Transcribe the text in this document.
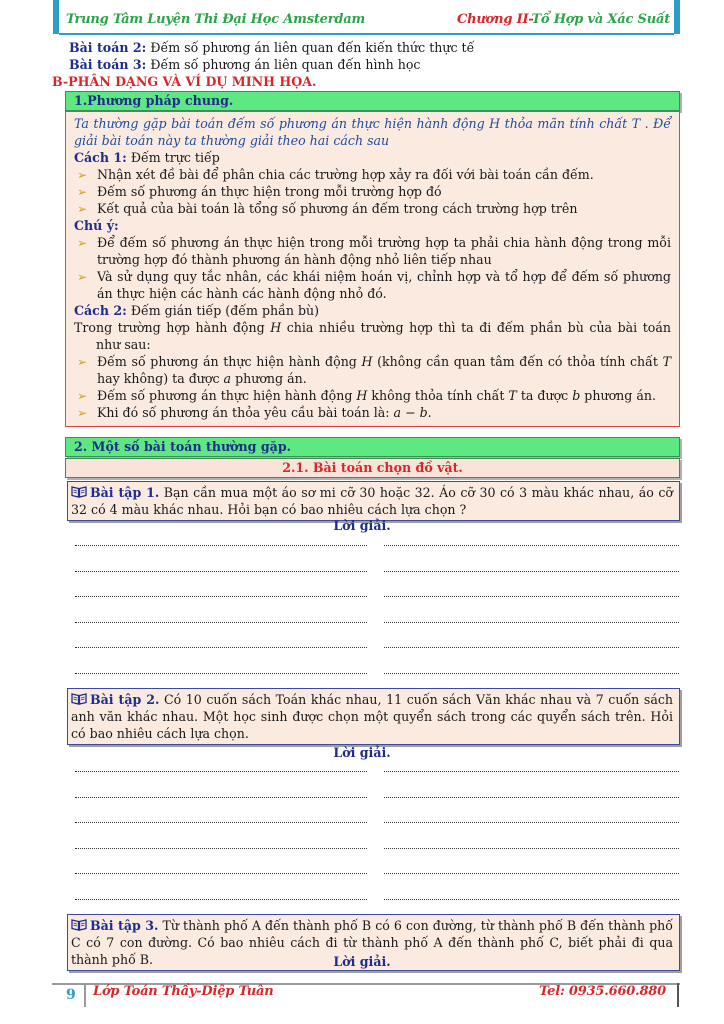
Trung Tâm Luyện Thi Đại Học Amsterdam	Chương II-Tổ Hợp và Xác Suất
Bài toán 2: Đếm số phương án liên quan đến kiến thức thực tế
Bài toán 3: Đếm số phương án liên quan đến hình học
B-PHÂN DẠNG VÀ VÍ DỤ MINH HỌA.
1.Phương pháp chung.

Ta thường gặp bài toán đếm số phương án thực hiện hành động H thỏa mãn tính chất T . Để giải bài toán này ta thường giải theo hai cách sau

Cách 1: Đếm trực tiếp

➢ Nhận xét đề bài để phân chia các trường hợp xảy ra đối với bài toán cần đếm.
➢ Đếm số phương án thực hiện trong mỗi trường hợp đó
➢ Kết quả của bài toán là tổng số phương án đếm trong cách trường hợp trên

Chú ý:

➢ Để đếm số phương án thực hiện trong mỗi trường hợp ta phải chia hành động trong mỗi trường hợp đó thành phương án hành động nhỏ liên tiếp nhau
➢ Và sử dụng quy tắc nhân, các khái niệm hoán vị, chỉnh hợp và tổ hợp để đếm số phương án thực hiện các hành các hành động nhỏ đó.

Cách 2: Đếm gián tiếp (đếm phần bù)

Trong trường hợp hành động H chia nhiều trường hợp thì ta đi đếm phần bù của bài toán như sau:

➢ Đếm số phương án thực hiện hành động H (không cần quan tâm đến có thỏa tính chất T hay không) ta được a phương án.
➢ Đếm số phương án thực hiện hành động H không thỏa tính chất T ta được b phương án.
➢ Khi đó số phương án thỏa yêu cầu bài toán là: a − b.
2. Một số bài toán thường gặp.
2.1. Bài toán chọn đồ vật.
Bài tập 1. Bạn cần mua một áo sơ mi cỡ 30 hoặc 32. Áo cỡ 30 có 3 màu khác nhau, áo cỡ 32 có 4 màu khác nhau. Hỏi bạn có bao nhiêu cách lựa chọn ?
Lời giải.
Bài tập 2. Có 10 cuốn sách Toán khác nhau, 11 cuốn sách Văn khác nhau và 7 cuốn sách anh văn khác nhau. Một học sinh được chọn một quyển sách trong các quyển sách trên. Hỏi có bao nhiêu cách lựa chọn.
Lời giải.
Bài tập 3. Từ thành phố A đến thành phố B có 6 con đường, từ thành phố B đến thành phố C có 7 con đường. Có bao nhiêu cách đi từ thành phố A đến thành phố C, biết phải đi qua thành phố B.	Lời giải.
9 Lớp Toán Thầy-Diệp Tuân	Tel: 0935.660.880
